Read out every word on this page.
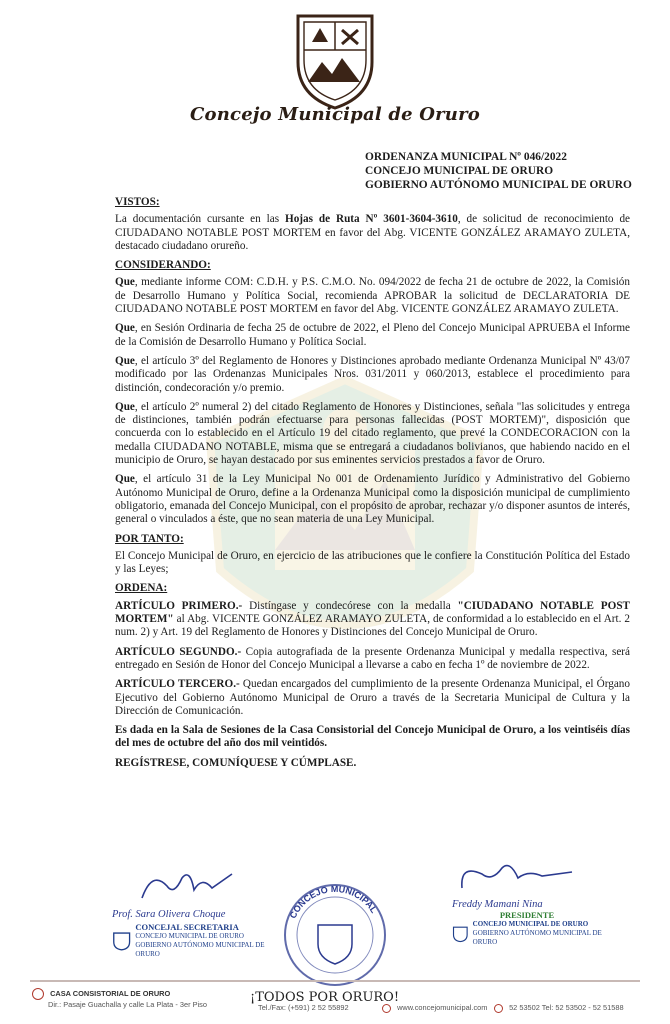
Concejo Municipal de Oruro
ORDENANZA MUNICIPAL Nº 046/2022
CONCEJO MUNICIPAL DE ORURO
GOBIERNO AUTÓNOMO MUNICIPAL DE ORURO
VISTOS:

La documentación cursante en las Hojas de Ruta Nº 3601-3604-3610, de solicitud de reconocimiento de CIUDADANO NOTABLE POST MORTEM en favor del Abg. VICENTE GONZÁLEZ ARAMAYO ZULETA, destacado ciudadano orureño.

CONSIDERANDO:

Que, mediante informe COM: C.D.H. y P.S. C.M.O. No. 094/2022 de fecha 21 de octubre de 2022, la Comisión de Desarrollo Humano y Política Social, recomienda APROBAR la solicitud de DECLARATORIA DE CIUDADANO NOTABLE POST MORTEM en favor del Abg. VICENTE GONZÁLEZ ARAMAYO ZULETA.

Que, en Sesión Ordinaria de fecha 25 de octubre de 2022, el Pleno del Concejo Municipal APRUEBA el Informe de la Comisión de Desarrollo Humano y Política Social.

Que, el artículo 3º del Reglamento de Honores y Distinciones aprobado mediante Ordenanza Municipal Nº 43/07 modificado por las Ordenanzas Municipales Nros. 031/2011 y 060/2013, establece el procedimiento para distinción, condecoración y/o premio.

Que, el artículo 2º numeral 2) del citado Reglamento de Honores y Distinciones, señala "las solicitudes y entrega de distinciones, también podrán efectuarse para personas fallecidas (POST MORTEM)", disposición que concuerda con lo establecido en el Artículo 19 del citado reglamento, que prevé la CONDECORACION con la medalla CIUDADANO NOTABLE, misma que se entregará a ciudadanos bolivianos, que habiendo nacido en el municipio de Oruro, se hayan destacado por sus eminentes servicios prestados a favor de Oruro.

Que, el artículo 31 de la Ley Municipal No 001 de Ordenamiento Jurídico y Administrativo del Gobierno Autónomo Municipal de Oruro, define a la Ordenanza Municipal como la disposición municipal de cumplimiento obligatorio, emanada del Concejo Municipal, con el propósito de aprobar, rechazar y/o disponer asuntos de interés, general o vinculados a éste, que no sean materia de una Ley Municipal.

POR TANTO:

El Concejo Municipal de Oruro, en ejercicio de las atribuciones que le confiere la Constitución Política del Estado y las Leyes;

ORDENA:

ARTÍCULO PRIMERO.- Distíngase y condecórese con la medalla "CIUDADANO NOTABLE POST MORTEM" al Abg. VICENTE GONZÁLEZ ARAMAYO ZULETA, de conformidad a lo establecido en el Art. 2 num. 2) y Art. 19 del Reglamento de Honores y Distinciones del Concejo Municipal de Oruro.

ARTÍCULO SEGUNDO.- Copia autografiada de la presente Ordenanza Municipal y medalla respectiva, será entregado en Sesión de Honor del Concejo Municipal a llevarse a cabo en fecha 1º de noviembre de 2022.

ARTÍCULO TERCERO.- Quedan encargados del cumplimiento de la presente Ordenanza Municipal, el Órgano Ejecutivo del Gobierno Autónomo Municipal de Oruro a través de la Secretaria Municipal de Cultura y la Dirección de Comunicación.

Es dada en la Sala de Sesiones de la Casa Consistorial del Concejo Municipal de Oruro, a los veintiséis días del mes de octubre del año dos mil veintidós.

REGÍSTRESE, COMUNÍQUESE Y CÚMPLASE.

Prof. Sara Olivera Choque
CONCEJAL SECRETARIA
CONCEJO MUNICIPAL DE ORURO
GOBIERNO AUTÓNOMO MUNICIPAL DE ORURO
CONCEJO MUNICIPAL	Freddy Mamani Nina
PRESIDENTE
CONCEJO MUNICIPAL DE ORURO
GOBIERNO AUTÓNOMO MUNICIPAL DE ORURO
CASA CONSISTORIAL DE ORURO
Dir.: Pasaje Guachalla y calle La Plata - 3er Piso	Tel./Fax: (+591) 2 52 55892	www.concejomunicipal.com	52 53502 Tel: 52 53502 - 52 51588
¡TODOS POR ORURO!
